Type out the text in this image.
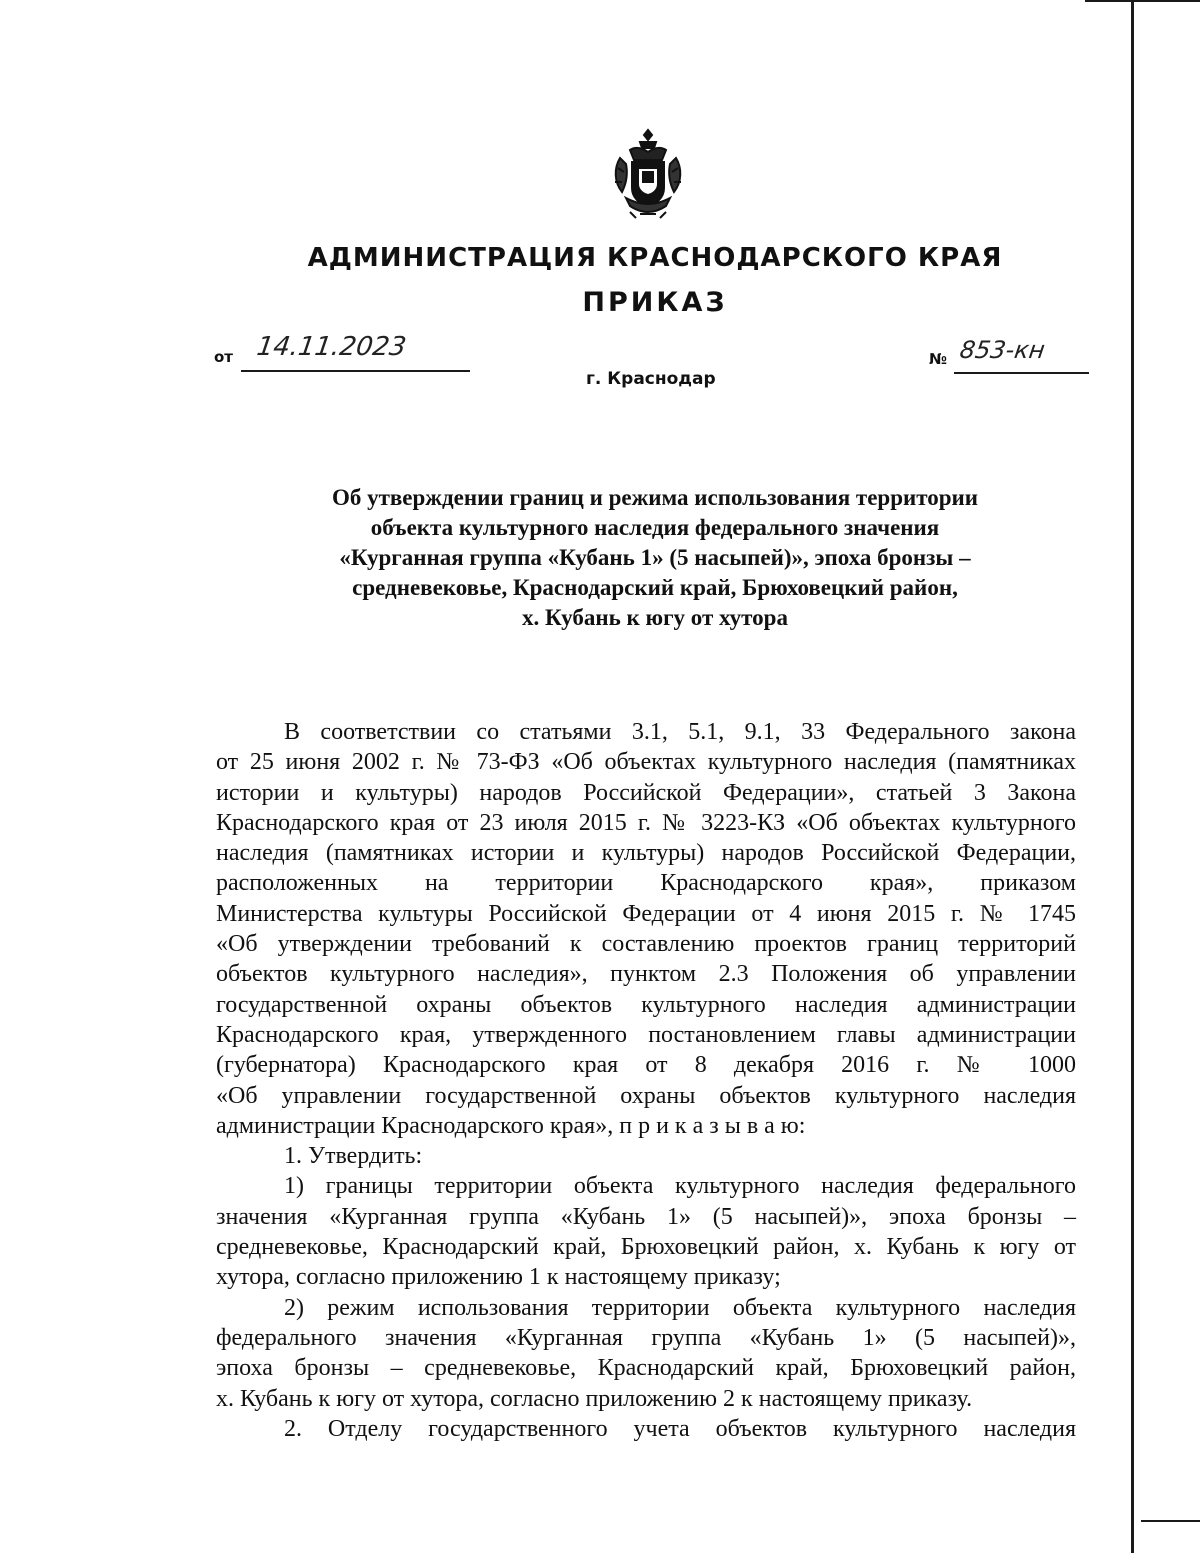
АДМИНИСТРАЦИЯ КРАСНОДАРСКОГО КРАЯ
ПРИКАЗ
от 14.11.2023	№ 853-кн
г. Краснодар
Об утверждении границ и режима использования территории
объекта культурного наследия федерального значения
«Курганная группа «Кубань 1» (5 насыпей)», эпоха бронзы –
средневековье, Краснодарский край, Брюховецкий район,
х. Кубань к югу от хутора
В соответствии со статьями 3.1, 5.1, 9.1, 33 Федерального закона
от 25 июня 2002 г. № 73-ФЗ «Об объектах культурного наследия (памятниках
истории и культуры) народов Российской Федерации», статьей 3 Закона
Краснодарского края от 23 июля 2015 г. № 3223-КЗ «Об объектах культурного
наследия (памятниках истории и культуры) народов Российской Федерации,
расположенных на территории Краснодарского края», приказом
Министерства культуры Российской Федерации от 4 июня 2015 г. № 1745
«Об утверждении требований к составлению проектов границ территорий
объектов культурного наследия», пунктом 2.3 Положения об управлении
государственной охраны объектов культурного наследия администрации
Краснодарского края, утвержденного постановлением главы администрации
(губернатора) Краснодарского края от 8 декабря 2016 г. № 1000
«Об управлении государственной охраны объектов культурного наследия
администрации Краснодарского края», п р и к а з ы в а ю:
1. Утвердить:
1) границы территории объекта культурного наследия федерального
значения «Курганная группа «Кубань 1» (5 насыпей)», эпоха бронзы –
средневековье, Краснодарский край, Брюховецкий район, х. Кубань к югу от
хутора, согласно приложению 1 к настоящему приказу;
2) режим использования территории объекта культурного наследия
федерального значения «Курганная группа «Кубань 1» (5 насыпей)»,
эпоха бронзы – средневековье, Краснодарский край, Брюховецкий район,
х. Кубань к югу от хутора, согласно приложению 2 к настоящему приказу.
2. Отделу государственного учета объектов культурного наследия
